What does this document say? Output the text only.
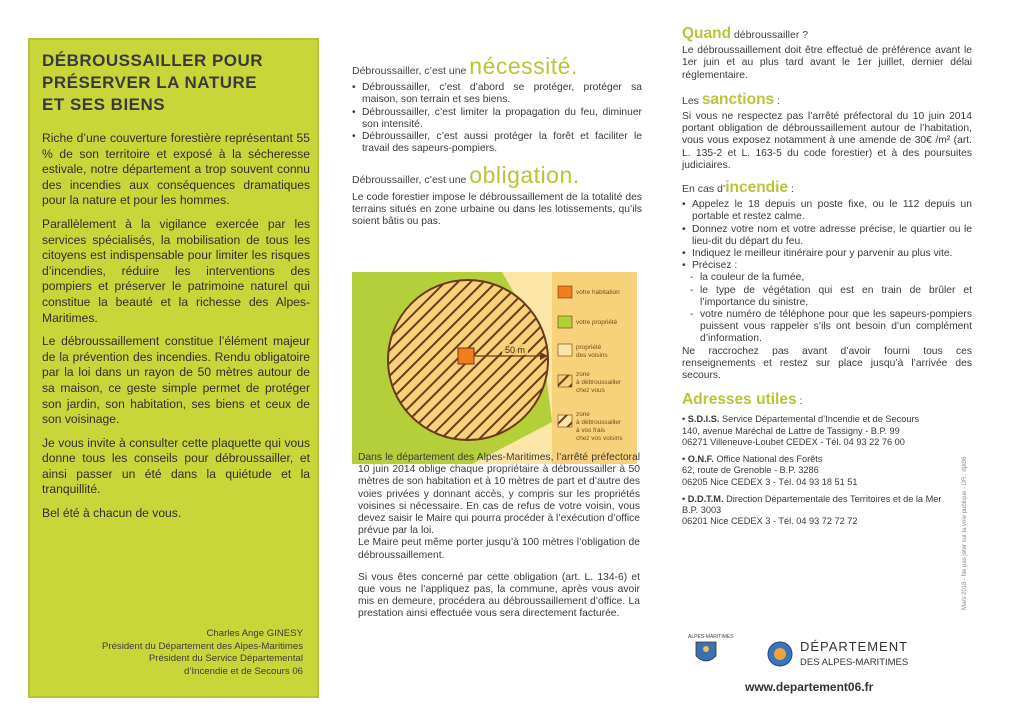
DÉBROUSSAILLER POUR
PRÉSERVER LA NATURE
ET SES BIENS

Riche d’une couverture forestière représentant 55 % de son territoire et exposé à la sécheresse estivale, notre département a trop souvent connu des incendies aux conséquences dramatiques pour la nature et pour les hommes.

Parallèlement à la vigilance exercée par les services spécialisés, la mobilisation de tous les citoyens est indispensable pour limiter les risques d’incendies, réduire les interventions des pompiers et préserver le patrimoine naturel qui constitue la beauté et la richesse des Alpes-Maritimes.

Le débroussaillement constitue l’élément majeur de la prévention des incendies. Rendu obligatoire par la loi dans un rayon de 50 mètres autour de sa maison, ce geste simple permet de protéger son jardin, son habitation, ses biens et ceux de son voisinage.

Je vous invite à consulter cette plaquette qui vous donne tous les conseils pour débroussailler, et ainsi passer un été dans la quiétude et la tranquillité.

Bel été à chacun de vous.

Charles Ange GINESY
Président du Département des Alpes-Maritimes
Président du Service Départemental
d’Incendie et de Secours 06
Débroussailler, c’est une nécessité.
• Débroussailler, c’est d’abord se protéger, protéger sa maison, son terrain et ses biens.
• Débroussailler, c’est limiter la propagation du feu, diminuer son intensité.
• Débroussailler, c’est aussi protéger la forêt et faciliter le travail des sapeurs-pompiers.
Débroussailler, c’est une obligation.

Le code forestier impose le débroussaillement de la totalité des terrains situés en zone urbaine ou dans les lotissements, qu’ils soient bâtis ou pas.

50 m
votre habitation
votre propriété
propriété des voisins
zone à débroussailler chez vous
zone à débroussailler à vos frais chez vos voisins

Dans le département des Alpes-Maritimes, l’arrêté préfectoral 10 juin 2014 oblige chaque propriétaire à débroussailler à 50 mètres de son habitation et à 10 mètres de part et d’autre des voies privées y donnant accès, y compris sur les propriétés voisines si nécessaire. En cas de refus de votre voisin, vous devez saisir le Maire qui pourra procéder à l’exécution d’office prévue par la loi.

Le Maire peut même porter jusqu’à 100 mètres l’obligation de débroussaillement.

Si vous êtes concerné par cette obligation (art. L. 134-6) et que vous ne l’appliquez pas, la commune, après vous avoir mis en demeure, procédera au débroussaillement d’office. La prestation ainsi effectuée vous sera directement facturée.

Quand débroussailler ?

Le débroussaillement doit être effectué de préférence avant le 1er juin et au plus tard avant le 1er juillet, dernier délai réglementaire.

Les sanctions :

Si vous ne respectez pas l’arrêté préfectoral du 10 juin 2014 portant obligation de débroussaillement autour de l’habitation, vous vous exposez notamment à une amende de 30€ /m² (art. L. 135-2 et L. 163-5 du code forestier) et à des poursuites judiciaires.

En cas d’incendie :
• Appelez le 18 depuis un poste fixe, ou le 112 depuis un portable et restez calme.
• Donnez votre nom et votre adresse précise, le quartier ou le lieu-dit du départ du feu.
• Indiquez le meilleur itinéraire pour y parvenir au plus vite.
• Précisez :
- la couleur de la fumée,
- le type de végétation qui est en train de brûler et l’importance du sinistre,
- votre numéro de téléphone pour que les sapeurs-pompiers puissent vous rappeler s’ils ont besoin d’un complément d’information.

Ne raccrochez pas avant d’avoir fourni tous ces renseignements et restez sur place jusqu’à l’arrivée des secours.

Adresses utiles :
• S.D.I.S. Service Départemental d’Incendie et de Secours
140, avenue Maréchal de Lattre de Tassigny - B.P. 99
06271 Villeneuve-Loubet CEDEX - Tél. 04 93 22 76 00
• O.N.F. Office National des Forêts
62, route de Grenoble - B.P. 3286
06205 Nice CEDEX 3 - Tél. 04 93 18 51 51
• D.D.T.M. Direction Départementale des Territoires et de la Mer
B.P. 3003
06201 Nice CEDEX 3 - Tél. 04 93 72 72 72
ALPES-MARITIMES
DÉPARTEMENT
DES ALPES-MARITIMES
www.departement06.fr
Mars 2018 - Ne pas jeter sur la voie publique - DR : dpt06
